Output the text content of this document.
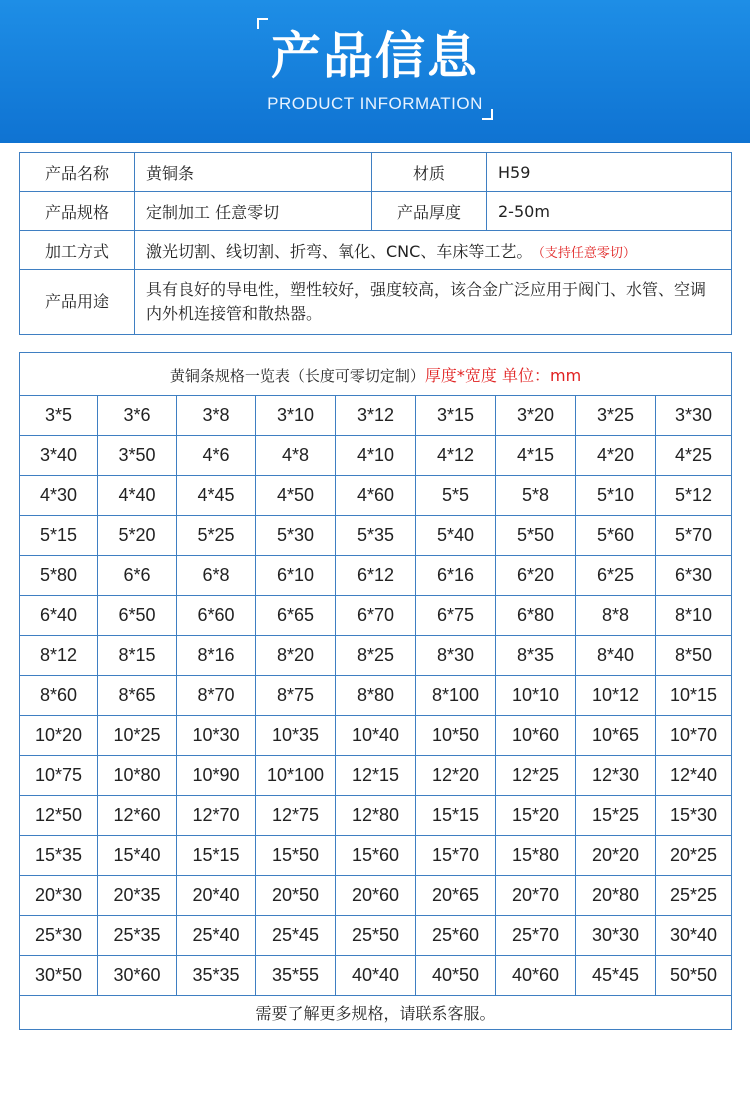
产品信息
PRODUCT INFORMATION
产品名称	黄铜条	材质	H59
产品规格	定制加工 任意零切	产品厚度	2-50m
加工方式	激光切割、线切割、折弯、氧化、CNC、车床等工艺。 （支持任意零切）		
产品用途	具有良好的导电性，塑性较好，强度较高，该合金广泛应用于阀门、水管、空调内外机连接管和散热器。		
黄铜条规格一览表（长度可零切定制）厚度*宽度 单位：mm								
3*5	3*6	3*8	3*10	3*12	3*15	3*20	3*25	3*30
3*40	3*50	4*6	4*8	4*10	4*12	4*15	4*20	4*25
4*30	4*40	4*45	4*50	4*60	5*5	5*8	5*10	5*12
5*15	5*20	5*25	5*30	5*35	5*40	5*50	5*60	5*70
5*80	6*6	6*8	6*10	6*12	6*16	6*20	6*25	6*30
6*40	6*50	6*60	6*65	6*70	6*75	6*80	8*8	8*10
8*12	8*15	8*16	8*20	8*25	8*30	8*35	8*40	8*50
8*60	8*65	8*70	8*75	8*80	8*100	10*10	10*12	10*15
10*20	10*25	10*30	10*35	10*40	10*50	10*60	10*65	10*70
10*75	10*80	10*90	10*100	12*15	12*20	12*25	12*30	12*40
12*50	12*60	12*70	12*75	12*80	15*15	15*20	15*25	15*30
15*35	15*40	15*15	15*50	15*60	15*70	15*80	20*20	20*25
20*30	20*35	20*40	20*50	20*60	20*65	20*70	20*80	25*25
25*30	25*35	25*40	25*45	25*50	25*60	25*70	30*30	30*40
30*50	30*60	35*35	35*55	40*40	40*50	40*60	45*45	50*50
需要了解更多规格，请联系客服。								
